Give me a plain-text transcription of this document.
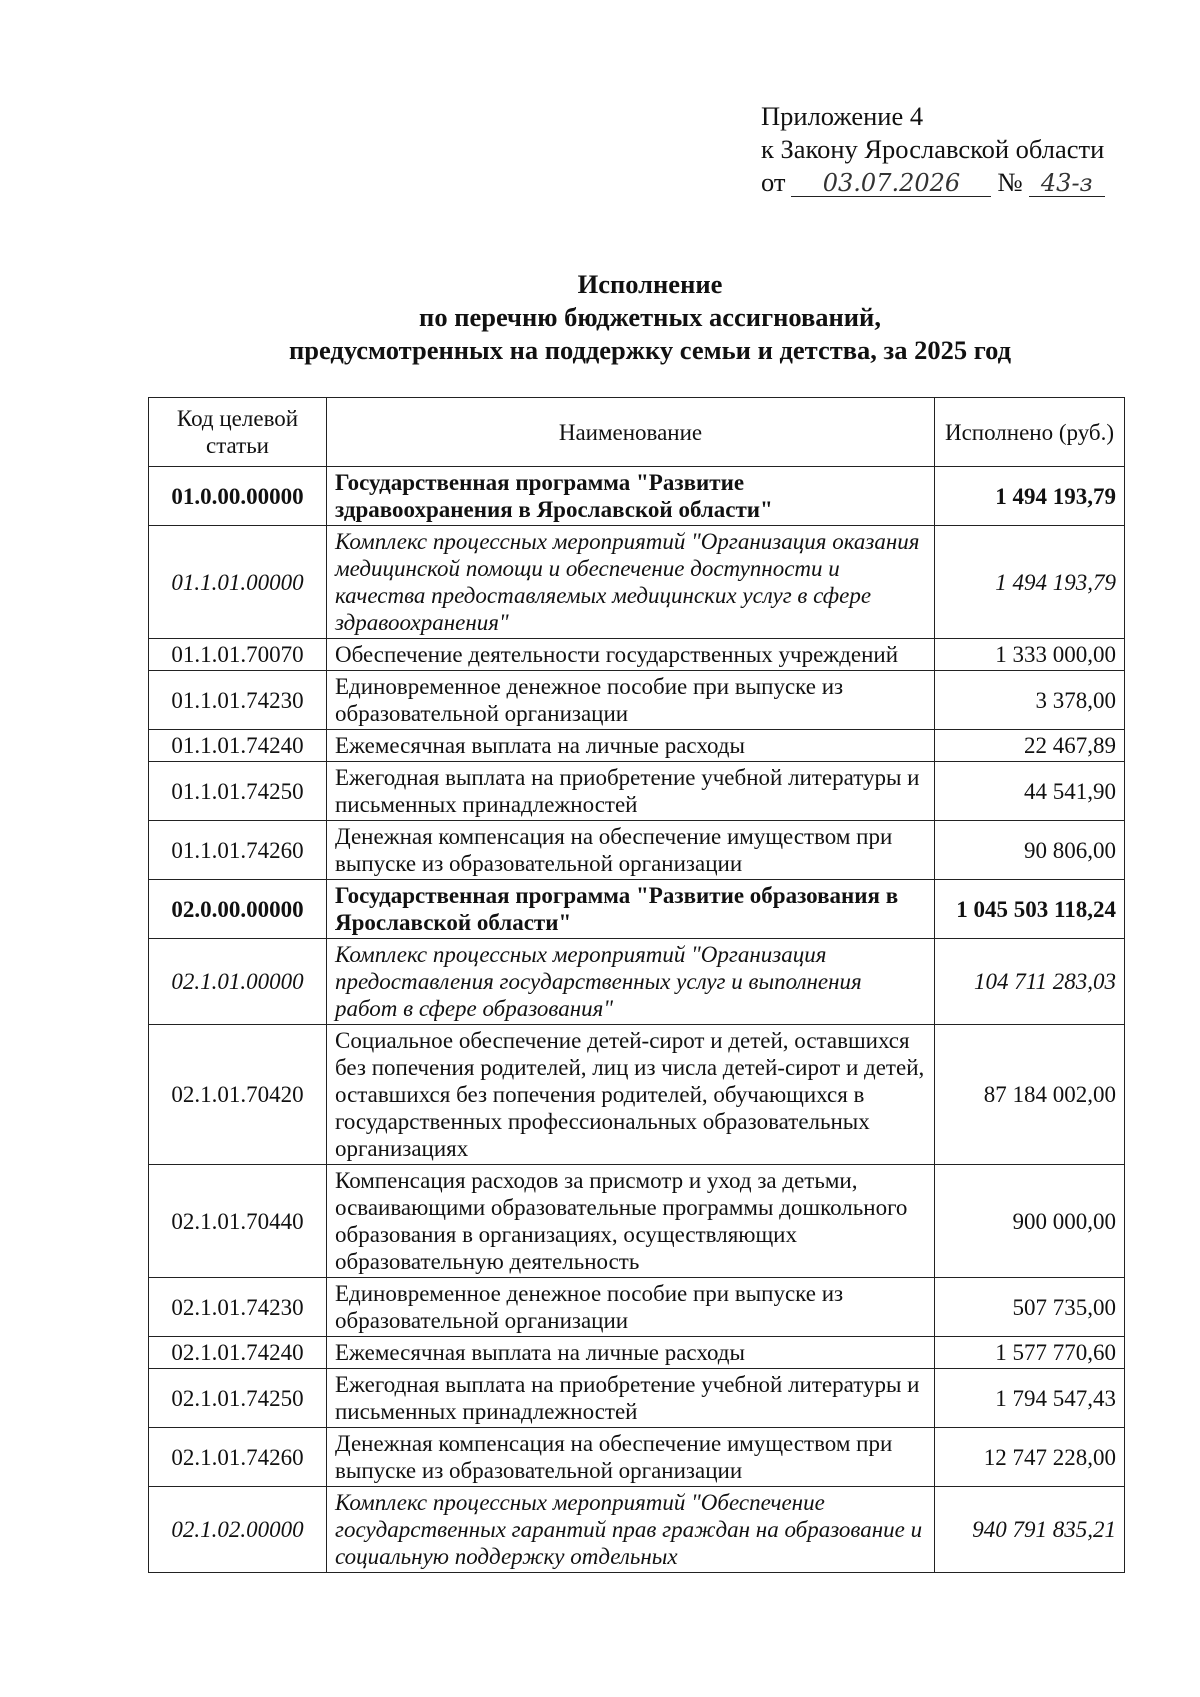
Приложение 4
к Закону Ярославской области
от 03.07.2026 № 43-з
Исполнение
по перечню бюджетных ассигнований,
предусмотренных на поддержку семьи и детства, за 2025 год
Код целевой статьи	Наименование	Исполнено (руб.)
01.0.00.00000	Государственная программа "Развитие здравоохранения в Ярославской области"	1 494 193,79
01.1.01.00000	Комплекс процессных мероприятий "Организация оказания медицинской помощи и обеспечение доступности и качества предоставляемых медицинских услуг в сфере здравоохранения"	1 494 193,79
01.1.01.70070	Обеспечение деятельности государственных учреждений	1 333 000,00
01.1.01.74230	Единовременное денежное пособие при выпуске из образовательной организации	3 378,00
01.1.01.74240	Ежемесячная выплата на личные расходы	22 467,89
01.1.01.74250	Ежегодная выплата на приобретение учебной литературы и письменных принадлежностей	44 541,90
01.1.01.74260	Денежная компенсация на обеспечение имуществом при выпуске из образовательной организации	90 806,00
02.0.00.00000	Государственная программа "Развитие образования в Ярославской области"	1 045 503 118,24
02.1.01.00000	Комплекс процессных мероприятий "Организация предоставления государственных услуг и выполнения работ в сфере образования"	104 711 283,03
02.1.01.70420	Социальное обеспечение детей-сирот и детей, оставшихся без попечения родителей, лиц из числа детей-сирот и детей, оставшихся без попечения родителей, обучающихся в государственных профессиональных образовательных организациях	87 184 002,00
02.1.01.70440	Компенсация расходов за присмотр и уход за детьми, осваивающими образовательные программы дошкольного образования в организациях, осуществляющих образовательную деятельность	900 000,00
02.1.01.74230	Единовременное денежное пособие при выпуске из образовательной организации	507 735,00
02.1.01.74240	Ежемесячная выплата на личные расходы	1 577 770,60
02.1.01.74250	Ежегодная выплата на приобретение учебной литературы и письменных принадлежностей	1 794 547,43
02.1.01.74260	Денежная компенсация на обеспечение имуществом при выпуске из образовательной организации	12 747 228,00
02.1.02.00000	Комплекс процессных мероприятий "Обеспечение государственных гарантий прав граждан на образование и социальную поддержку отдельных	940 791 835,21
